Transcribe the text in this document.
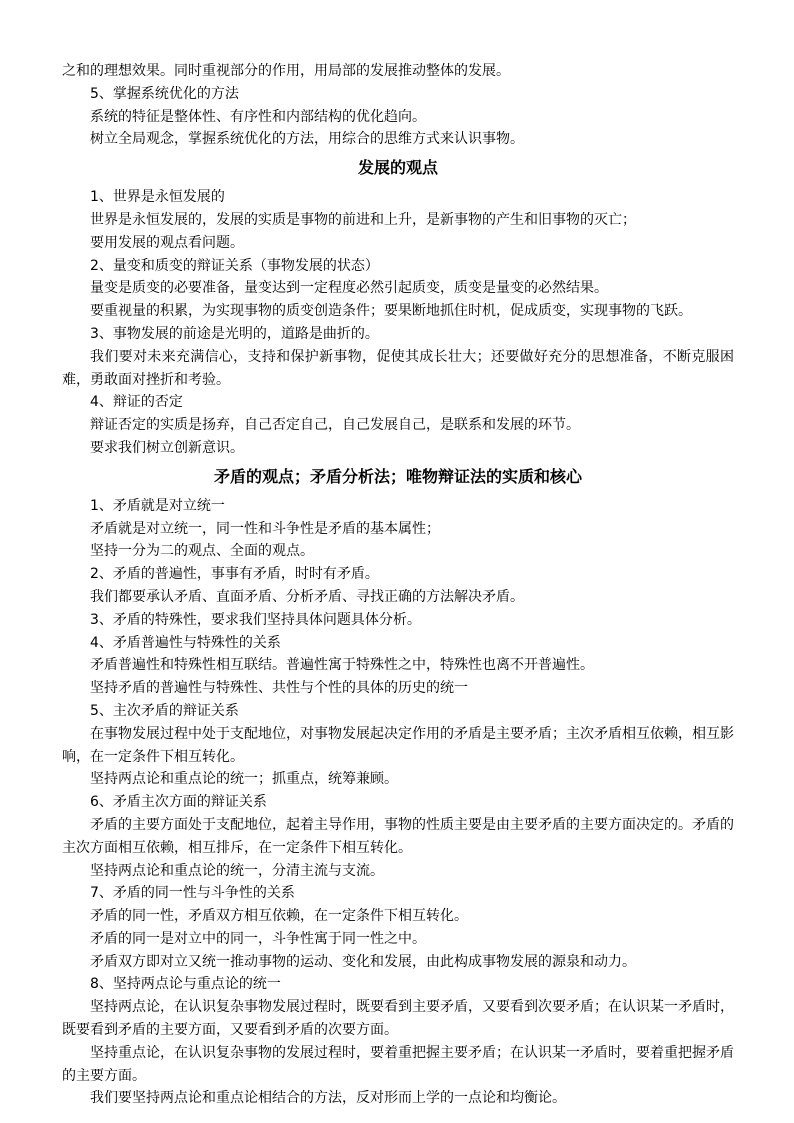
之和的理想效果。同时重视部分的作用，用局部的发展推动整体的发展。
5、掌握系统优化的方法
系统的特征是整体性、有序性和内部结构的优化趋向。
树立全局观念，掌握系统优化的方法，用综合的思维方式来认识事物。
发展的观点
1、世界是永恒发展的
世界是永恒发展的，发展的实质是事物的前进和上升，是新事物的产生和旧事物的灭亡；
要用发展的观点看问题。
2、量变和质变的辩证关系（事物发展的状态）
量变是质变的必要准备，量变达到一定程度必然引起质变，质变是量变的必然结果。
要重视量的积累，为实现事物的质变创造条件；要果断地抓住时机，促成质变，实现事物的飞跃。
3、事物发展的前途是光明的，道路是曲折的。
我们要对未来充满信心，支持和保护新事物，促使其成长壮大；还要做好充分的思想准备，不断克服困难，勇敢面对挫折和考验。
4、辩证的否定
辩证否定的实质是扬弃，自己否定自己，自己发展自己，是联系和发展的环节。
要求我们树立创新意识。
矛盾的观点；矛盾分析法；唯物辩证法的实质和核心
1、矛盾就是对立统一
矛盾就是对立统一，同一性和斗争性是矛盾的基本属性；
坚持一分为二的观点、全面的观点。
2、矛盾的普遍性，事事有矛盾，时时有矛盾。
我们都要承认矛盾、直面矛盾、分析矛盾、寻找正确的方法解决矛盾。
3、矛盾的特殊性，要求我们坚持具体问题具体分析。
4、矛盾普遍性与特殊性的关系
矛盾普遍性和特殊性相互联结。普遍性寓于特殊性之中，特殊性也离不开普遍性。
坚持矛盾的普遍性与特殊性、共性与个性的具体的历史的统一
5、主次矛盾的辩证关系
在事物发展过程中处于支配地位，对事物发展起决定作用的矛盾是主要矛盾；主次矛盾相互依赖，相互影响，在一定条件下相互转化。
坚持两点论和重点论的统一；抓重点，统筹兼顾。
6、矛盾主次方面的辩证关系
矛盾的主要方面处于支配地位，起着主导作用，事物的性质主要是由主要矛盾的主要方面决定的。矛盾的主次方面相互依赖，相互排斥，在一定条件下相互转化。
坚持两点论和重点论的统一，分清主流与支流。
7、矛盾的同一性与斗争性的关系
矛盾的同一性，矛盾双方相互依赖，在一定条件下相互转化。
矛盾的同一是对立中的同一，斗争性寓于同一性之中。
矛盾双方即对立又统一推动事物的运动、变化和发展，由此构成事物发展的源泉和动力。
8、坚持两点论与重点论的统一
坚持两点论，在认识复杂事物发展过程时，既要看到主要矛盾，又要看到次要矛盾；在认识某一矛盾时，既要看到矛盾的主要方面，又要看到矛盾的次要方面。
坚持重点论，在认识复杂事物的发展过程时，要着重把握主要矛盾；在认识某一矛盾时，要着重把握矛盾的主要方面。
我们要坚持两点论和重点论相结合的方法，反对形而上学的一点论和均衡论。
